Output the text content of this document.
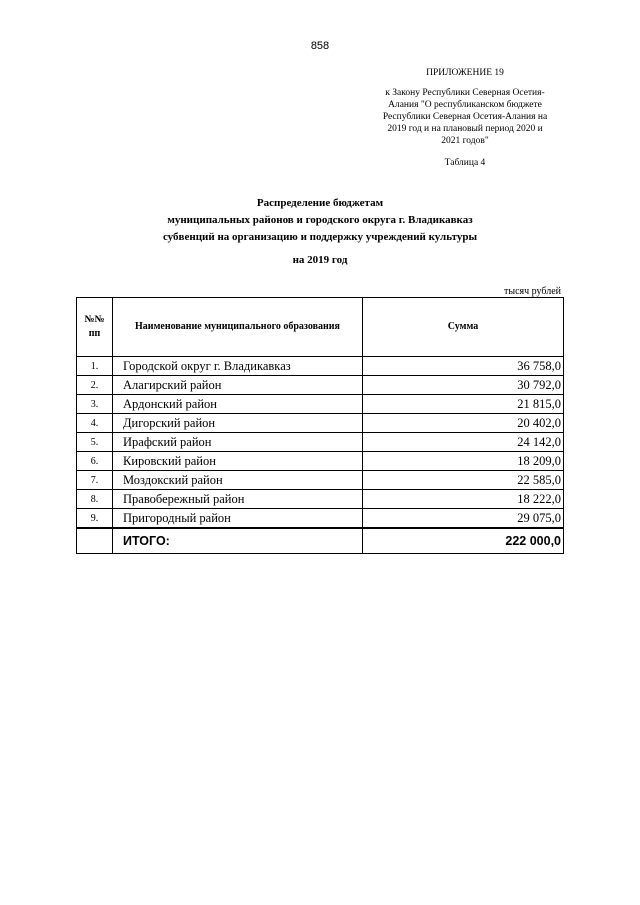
858
ПРИЛОЖЕНИЕ 19
к Закону Республики Северная Осетия-
Алания "О республиканском бюджете
Республики Северная Осетия-Алания на
2019 год и на плановый период 2020 и
2021 годов"
Таблица 4
Распределение бюджетам
муниципальных районов и городского округа г. Владикавказ
субвенций на организацию и поддержку учреждений культуры
на 2019 год
тысяч рублей
№№ пп	Наименование муниципального образования	Сумма
1.	Городской округ г. Владикавказ	36 758,0
2.	Алагирский район	30 792,0
3.	Ардонский район	21 815,0
4.	Дигорский район	20 402,0
5.	Ирафский район	24 142,0
6.	Кировский район	18 209,0
7.	Моздокский район	22 585,0
8.	Правобережный район	18 222,0
9.	Пригородный район	29 075,0
	ИТОГО:	222 000,0
